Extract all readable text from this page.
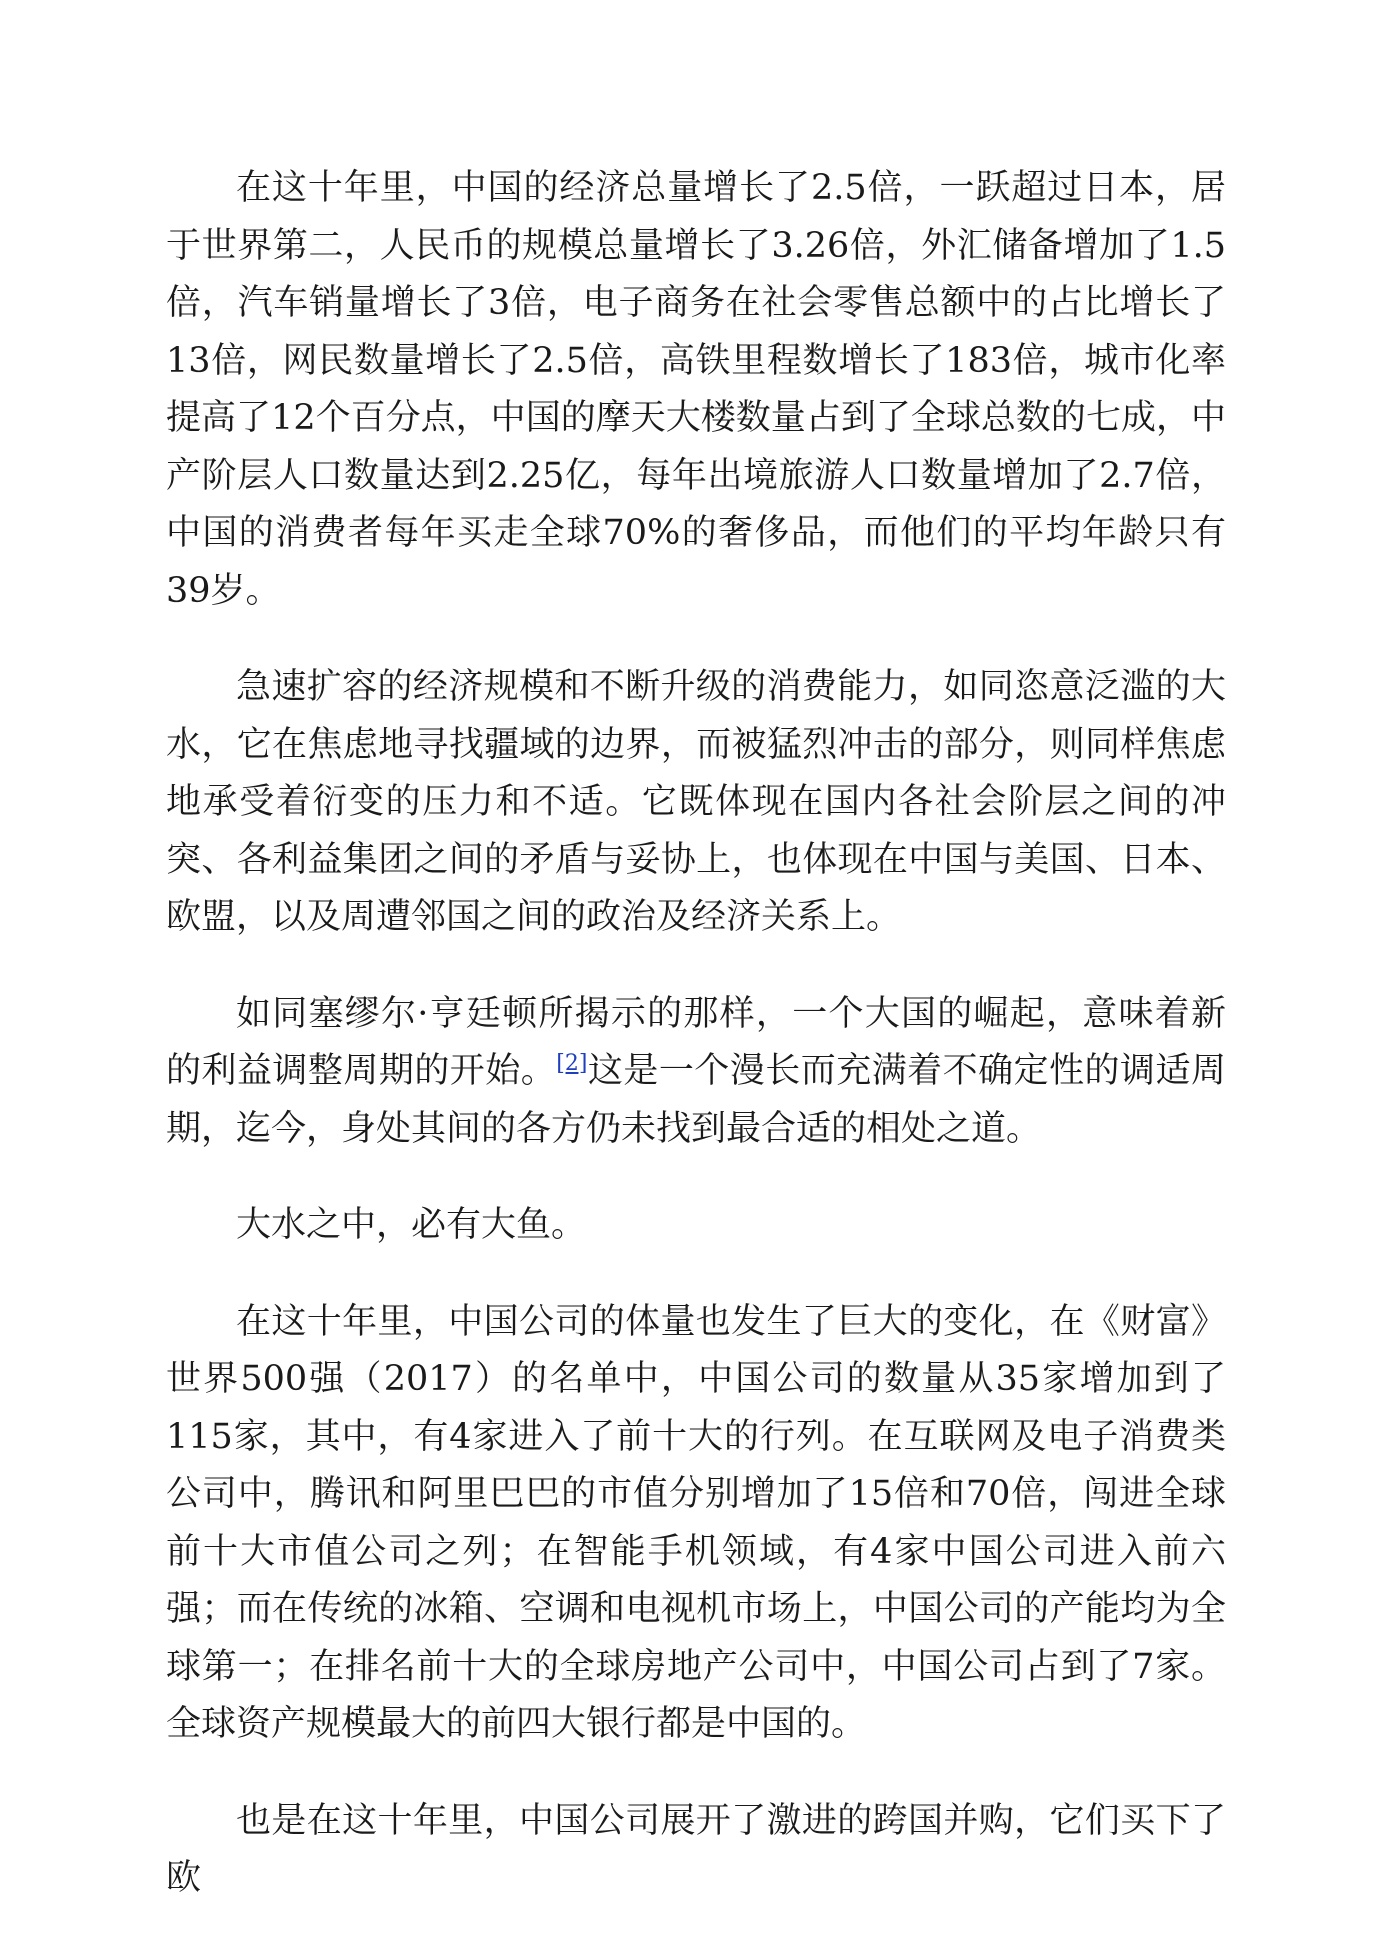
在这十年里，中国的经济总量增长了2.5倍，一跃超过日本，居于世界第二，人民币的规模总量增长了3.26倍，外汇储备增加了1.5倍，汽车销量增长了3倍，电子商务在社会零售总额中的占比增长了13倍，网民数量增长了2.5倍，高铁里程数增长了183倍，城市化率提高了12个百分点，中国的摩天大楼数量占到了全球总数的七成，中产阶层人口数量达到2.25亿，每年出境旅游人口数量增加了2.7倍，中国的消费者每年买走全球70%的奢侈品，而他们的平均年龄只有39岁。

急速扩容的经济规模和不断升级的消费能力，如同恣意泛滥的大水，它在焦虑地寻找疆域的边界，而被猛烈冲击的部分，则同样焦虑地承受着衍变的压力和不适。它既体现在国内各社会阶层之间的冲突、各利益集团之间的矛盾与妥协上，也体现在中国与美国、日本、欧盟，以及周遭邻国之间的政治及经济关系上。

如同塞缪尔·亨廷顿所揭示的那样，一个大国的崛起，意味着新的利益调整周期的开始。[2]这是一个漫长而充满着不确定性的调适周期，迄今，身处其间的各方仍未找到最合适的相处之道。

大水之中，必有大鱼。

在这十年里，中国公司的体量也发生了巨大的变化，在《财富》世界500强（2017）的名单中，中国公司的数量从35家增加到了115家，其中，有4家进入了前十大的行列。在互联网及电子消费类公司中，腾讯和阿里巴巴的市值分别增加了15倍和70倍，闯进全球前十大市值公司之列；在智能手机领域，有4家中国公司进入前六强；而在传统的冰箱、空调和电视机市场上，中国公司的产能均为全球第一；在排名前十大的全球房地产公司中，中国公司占到了7家。全球资产规模最大的前四大银行都是中国的。

也是在这十年里，中国公司展开了激进的跨国并购，它们买下了欧
